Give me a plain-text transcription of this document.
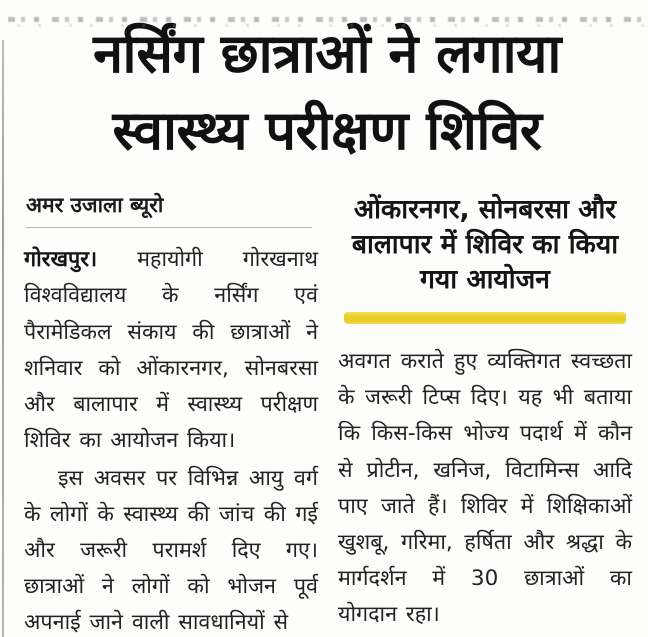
नर्सिंग छात्राओं ने लगाया
स्वास्थ्य परीक्षण शिविर
अमर उजाला ब्यूरो

गोरखपुर। महायोगी गोरखनाथ विश्वविद्यालय के नर्सिंग एवं पैरामेडिकल संकाय की छात्राओं ने शनिवार को ओंकारनगर, सोनबरसा और बालापार में स्वास्थ्य परीक्षण शिविर का आयोजन किया।

इस अवसर पर विभिन्न आयु वर्ग के लोगों के स्वास्थ्य की जांच की गई और जरूरी परामर्श दिए गए। छात्राओं ने लोगों को भोजन पूर्व अपनाई जाने वाली सावधानियों से

ओंकारनगर, सोनबरसा और बालापार में शिविर का किया गया आयोजन

अवगत कराते हुए व्यक्तिगत स्वच्छता के जरूरी टिप्स दिए। यह भी बताया कि किस-किस भोज्य पदार्थ में कौन से प्रोटीन, खनिज, विटामिन्स आदि पाए जाते हैं। शिविर में शिक्षिकाओं खुशबू, गरिमा, हर्षिता और श्रद्धा के मार्गदर्शन में 30 छात्राओं का योगदान रहा।
